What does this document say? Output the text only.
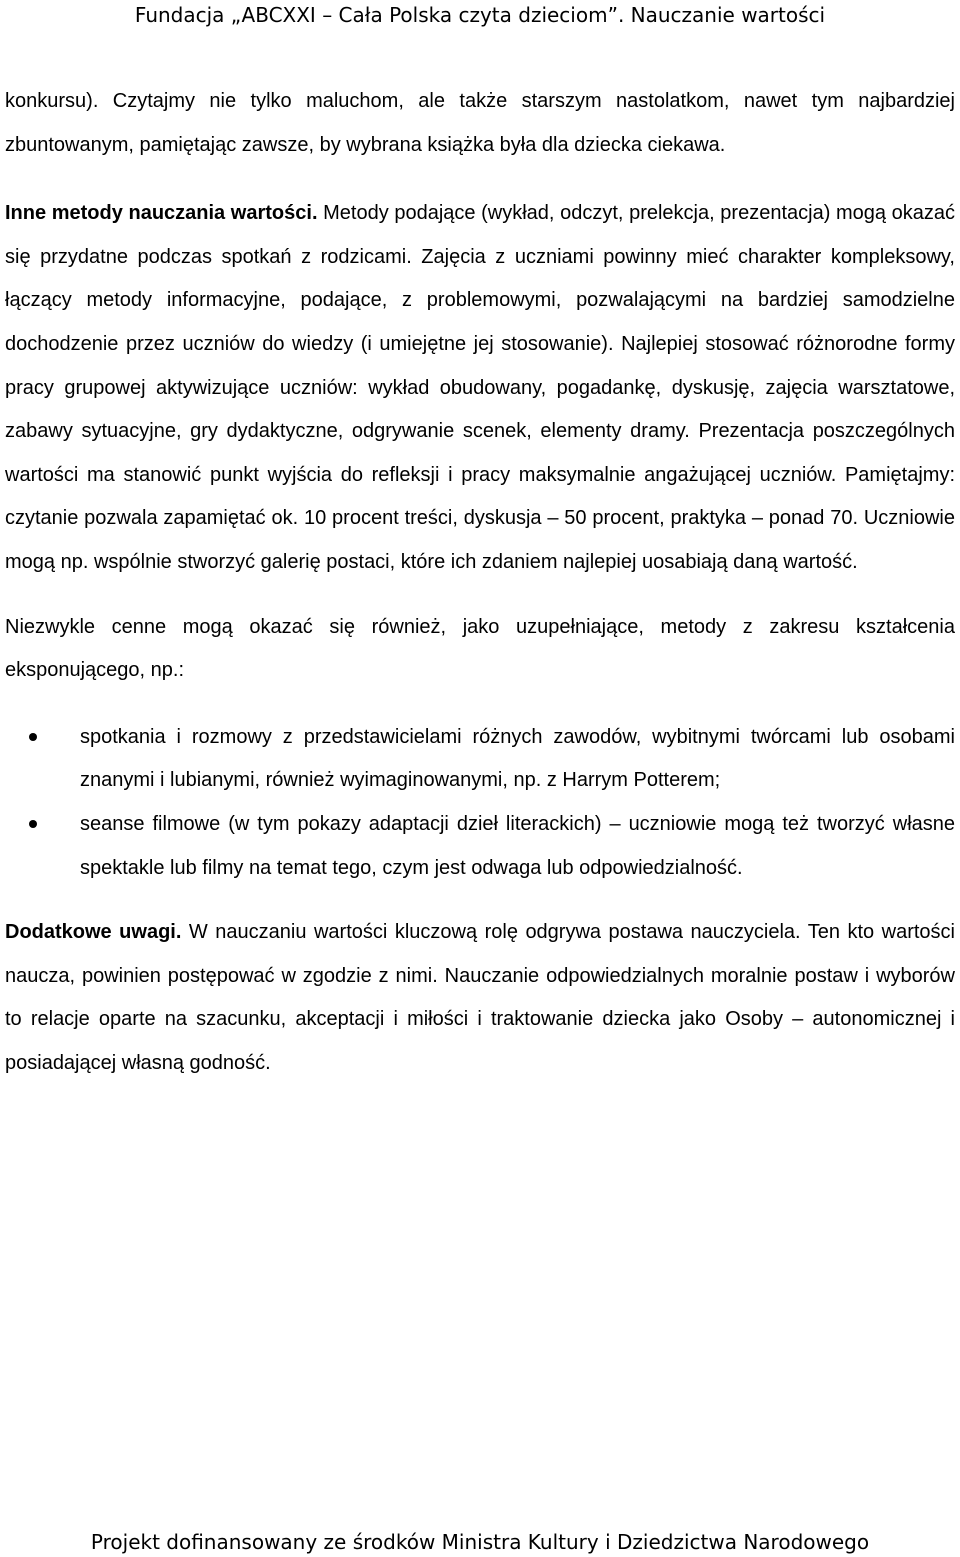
Fundacja „ABCXXI – Cała Polska czyta dzieciom”. Nauczanie wartości

konkursu). Czytajmy nie tylko maluchom, ale także starszym nastolatkom, nawet tym najbardziej zbuntowanym, pamiętając zawsze, by wybrana książka była dla dziecka ciekawa.

Inne metody nauczania wartości. Metody podające (wykład, odczyt, prelekcja, prezentacja) mogą okazać się przydatne podczas spotkań z rodzicami. Zajęcia z uczniami powinny mieć charakter kompleksowy, łączący metody informacyjne, podające, z problemowymi, pozwalającymi na bardziej samodzielne dochodzenie przez uczniów do wiedzy (i umiejętne jej stosowanie). Najlepiej stosować różnorodne formy pracy grupowej aktywizujące uczniów: wykład obudowany, pogadankę, dyskusję, zajęcia warsztatowe, zabawy sytuacyjne, gry dydaktyczne, odgrywanie scenek, elementy dramy. Prezentacja poszczególnych wartości ma stanowić punkt wyjścia do refleksji i pracy maksymalnie angażującej uczniów. Pamiętajmy: czytanie pozwala zapamiętać ok. 10 procent treści, dyskusja – 50 procent, praktyka – ponad 70. Uczniowie mogą np. wspólnie stworzyć galerię postaci, które ich zdaniem najlepiej uosabiają daną wartość.

Niezwykle cenne mogą okazać się również, jako uzupełniające, metody z zakresu kształcenia eksponującego, np.:

spotkania i rozmowy z przedstawicielami różnych zawodów, wybitnymi twórcami lub osobami znanymi i lubianymi, również wyimaginowanymi, np. z Harrym Potterem;
seanse filmowe (w tym pokazy adaptacji dzieł literackich) – uczniowie mogą też tworzyć własne spektakle lub filmy na temat tego, czym jest odwaga lub odpowiedzialność.

Dodatkowe uwagi. W nauczaniu wartości kluczową rolę odgrywa postawa nauczyciela. Ten kto wartości naucza, powinien postępować w zgodzie z nimi. Nauczanie odpowiedzialnych moralnie postaw i wyborów to relacje oparte na szacunku, akceptacji i miłości i traktowanie dziecka jako Osoby – autonomicznej i posiadającej własną godność.

Projekt dofinansowany ze środków Ministra Kultury i Dziedzictwa Narodowego
